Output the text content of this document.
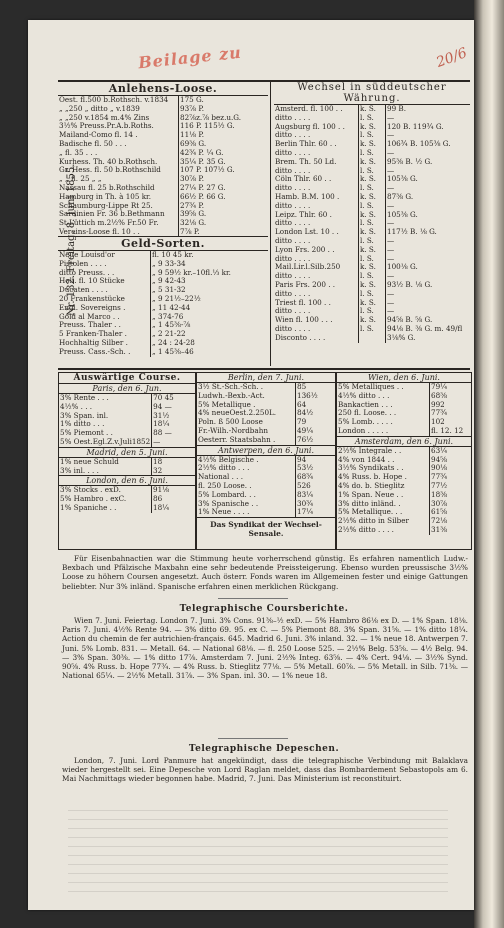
Beilage zu	20/6
Nr. 132. Freitag, 8. Juni 1855.
Anlehens-Loose.
Oest. fl.500 b.Rothsch. v.1834	175 G.
„ „250 „ ditto „ v.1839	93⅞ P.
„ „250 v.1854 m.4% Zins	82⅞z.⅞ bez.u.G.
3½% Preuss.Pr.A.b.Roths.	116 P. 115½ G.
Mailand-Como fl. 14 .	11⅛ P.
Badische fl. 50 . . .	69⅜ G.
„ fl. 35 . . .	42¾ P. ¼ G.
Kurhess. Th. 40 b.Rothsch.	35¼ P. 35 G.
Gr. Hess. fl. 50 b.Rothschild	107 P. 107½ G.
„ „ fl. 25 „ „	30⅞ P.
Nassau fl. 25 b.Rothschild	27¼ P. 27 G.
Hamburg in Th. à 105 kr.	66½ P. 66 G.
Schaumburg-Lippe Rt 25.	27¾ P.
Sardinien Fr. 36 b.Bethmann	39⅝ G.
St.Lüttich m.2½% Fr.50 Fr.	32⅛ G.
Vereins-Loose fl. 10 . .	7⅞ P.
Geld-Sorten.
Neue Louisd'or	fl. 10 45 kr.
Pistolen . . . .	„ 9 33-34
ditto Preuss. . .	„ 9 59½ kr.–10fl.⅓ kr.
Holl. fl. 10 Stücke	„ 9 42-43
Ducaten . . . .	„ 5 31-32
20 Frankenstücke	„ 9 21½–22½
Engl. Sovereigns .	„ 11 42-44
Gold al Marco . .	„ 374-76
Preuss. Thaler . .	„ 1 45⅜-⅞
5 Franken-Thaler .	„ 2 21-22
Hochhaltig Silber .	„ 24 : 24-28
Preuss. Cass.-Sch. .	„ 1 45⅜–46
Wechsel in süddeutscher Währung.
Amsterd. fl. 100 . .	k. S.	99 B.
ditto . . . .	l. S.	—
Augsburg fl. 100 . .	k. S.	120 B. 119¾ G.
ditto . . . .	l. S.	—
Berlin Thlr. 60 . .	k. S.	106¾ B. 105⅜ G.
ditto . . . .	l. S.	—
Brem. Th. 50 Ld.	k. S.	95⅜ B. ½ G.
ditto . . . .	l. S.	—
Cöln Thlr. 60 . .	k. S.	105⅜ G.
ditto . . . .	l. S.	—
Hamb. B.M. 100 .	k. S.	87⅜ G.
ditto . . . .	l. S.	—
Leipz. Thlr. 60 .	k. S.	105⅜ G.
ditto . . . .	l. S.	—
London Lst. 10 . .	k. S.	117½ B. ⅛ G.
ditto . . . .	l. S.	—
Lyon Frs. 200 . .	k. S.	—
ditto . . . .	l. S.	—
Mail.Lir.l.Silb.250	k. S.	100⅛ G.
ditto . . . .	l. S.	—
Paris Frs. 200 . .	k. S.	93½ B. ⅛ G.
ditto . . . .	l. S.	—
Triest fl. 100 . .	k. S.	—
ditto . . . .	l. S.	—
Wien fl. 100 . . .	k. S.	94⅝ B. ⅝ G.
ditto . . . .	l. S.	94⅛ B. ⅜ G. m. 49/fl
Disconto . . . .		3⅛% G.
Auswärtige Course.
Paris, den 6. Jun.
3% Rente . . .	70 45
4½% . . .	94 —
3% Span. inl.	31½
1% ditto . . .	18¼
5% Piemont . .	88 —
5% Oest.Egl.Z.v.Juli1852	—
Madrid, den 5. Juni.
1% neue Schuld	18
3% inl. . . .	32
London, den 6. Juni.
3% Stocks . exD.	91⅛
5% Hambro . exC.	86
1% Spaniche . .	18¼
Berlin, den 7. Juni.
3½ St.-Sch.-Sch. .	85
Ludwh.-Bexb.-Act.	136½
5% Metallique .	64
4% neueOest.2.250L.	84½
Poln. ß 500 Loose	79
Fr.-Wilh.-Nordbahn	49¼
Oesterr. Staatsbahn .	76½
Antwerpen, den 6. Juni.
4½% Belgische .	94
2½% ditto . . .	53½
National . . .	68¾
fl. 250 Loose. .	526
5% Lombard. . .	83¼
3% Spanische . .	30¾
1% Neue . . . .	17¼
Das Syndikat der Wechsel-Sensale.
Wien, den 6. Juni.
5% Metalliques . .	79¼
4½% ditto . . .	68⅜
Bankactien . . .	992
250 fl. Loose. . .	77¾
5% Lomb. . . . .	102
London . . . . .	fl. 12. 12
Amsterdam, den 6. Juni.
2½% Integrale . .	63¼
4% von 1844 . .	94⅝
3½% Syndikats . .	90⅛
4% Russ. b. Hope .	77¾
4% do. b. Stieglitz	77½
1% Span. Neue . .	18⅜
3% ditto inländ. .	30⅞
5% Metallique. . .	61⅝
2½% ditto in Silber	72⅛
2½% ditto . . . .	31⅜
Für Eisenbahnactien war die Stimmung heute vorherrschend günstig. Es erfahren namentlich Ludw.-Bexbach und Pfälzische Maxbahn eine sehr bedeutende Preissteigerung. Ebenso wurden preussische 3½% Loose zu höhern Coursen angesetzt. Auch österr. Fonds waren im Allgemeinen fester und einige Gattungen beliebter. Nur 3% inländ. Spanische erfahren einen merklichen Rückgang.
Telegraphische Coursberichte.
Wien 7. Juni. Feiertag. London 7. Juni. 3% Cons. 91⅜–½ exD. — 5% Hambro 86⅛ ex D. — 1% Span. 18⅛. Paris 7. Juni. 4½% Rente 94. — 3% ditto 69. 95. ex C. — 5% Piemont 88. 3% Span. 31⅝. — 1% ditto 18¼. Action du chemin de fer autrichien-français. 645. Madrid 6. Juni. 3% inland. 32. — 1% neue 18. Antwerpen 7. Juni. 5% Lomb. 831. — Metall. 64. — National 68⅛. — fl. 250 Loose 525. — 2½% Belg. 53⅝. — 4½ Belg. 94. — 3% Span. 30⅜. — 1% ditto 17⅞. Amsterdam 7. Juni. 2½% Integ. 63⅝. — 4% Cert. 94⅛. — 3½% Synd. 90⅝. 4% Russ. b. Hope 77¾. — 4% Russ. b. Stieglitz 77⅛. — 5% Metall. 60⅞. — 5% Metall. in Silb. 71⅜. — National 65¼. — 2½% Metall. 31⅞. — 3% Span. inl. 30. — 1% neue 18.
Telegraphische Depeschen.
London, 7. Juni. Lord Panmure hat angekündigt, dass die telegraphische Verbindung mit Balaklava wieder hergestellt sei. Eine Depesche von Lord Raglan meldet, dass das Bombardement Sebastopols am 6. Mai Nachmittags wieder begonnen habe. Madrid, 7. Juni. Das Ministerium ist reconstituirt.
